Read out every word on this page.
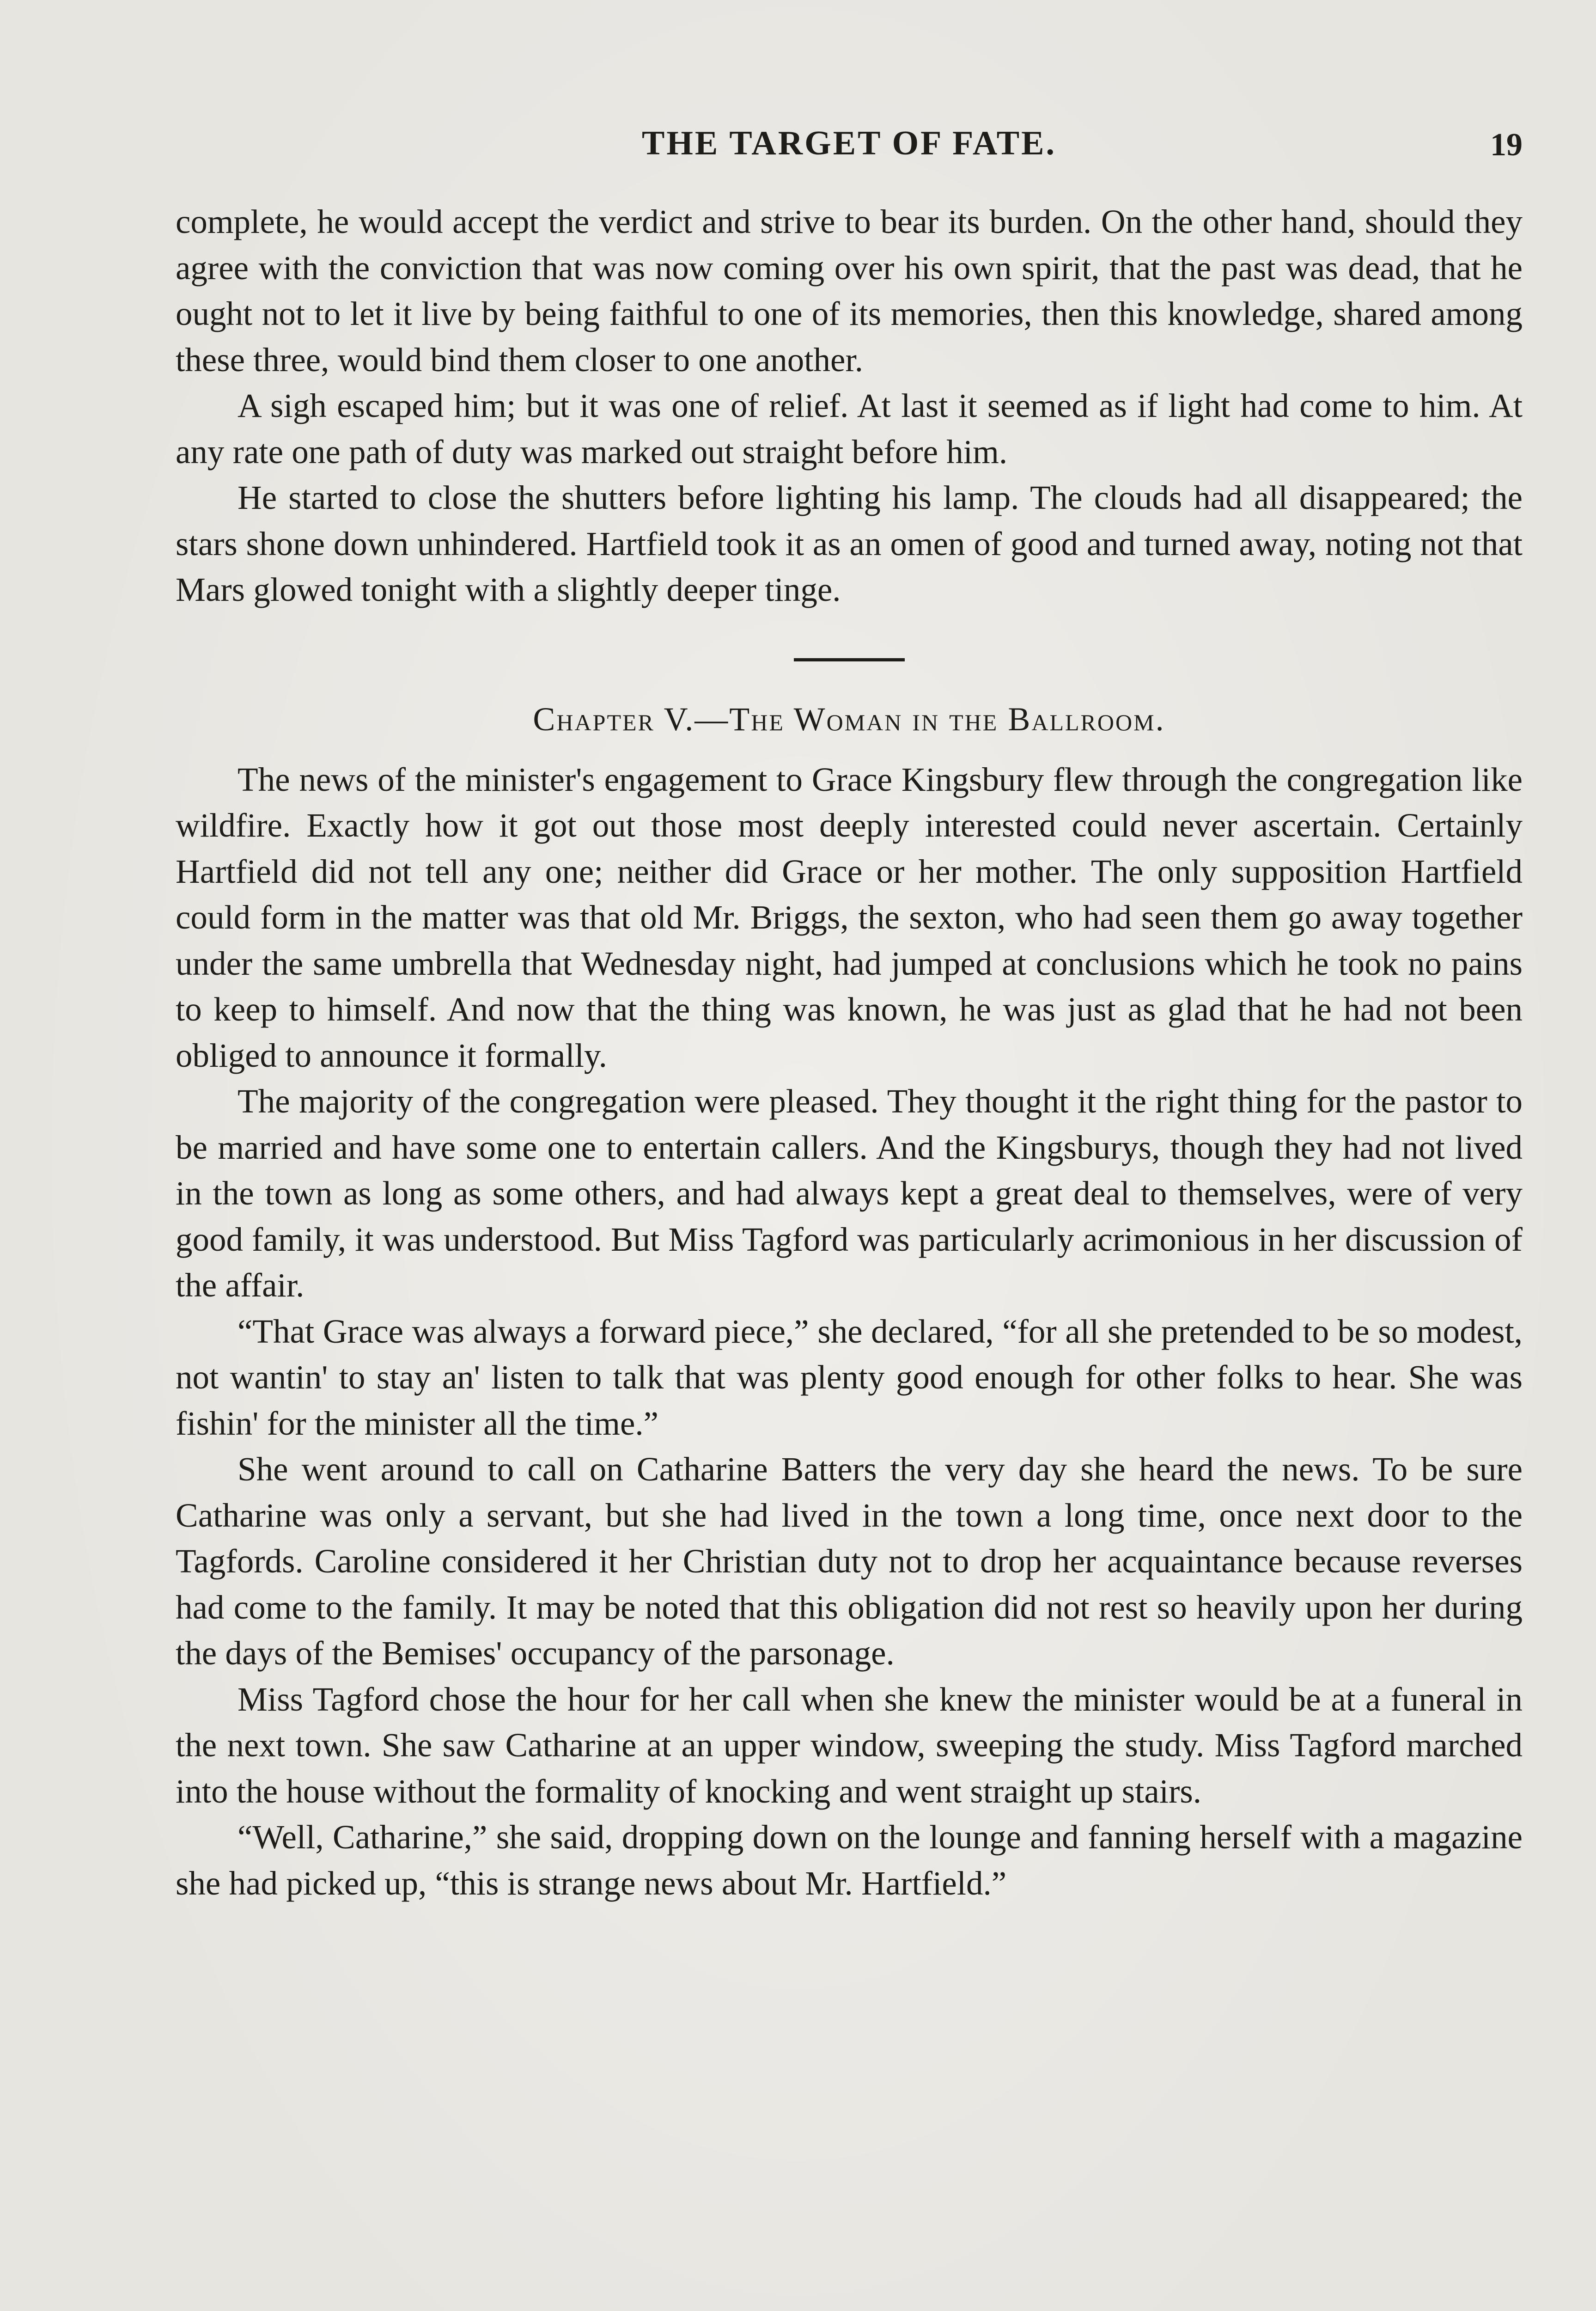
THE TARGET OF FATE.	19

complete, he would accept the verdict and strive to bear its burden. On the other hand, should they agree with the conviction that was now coming over his own spirit, that the past was dead, that he ought not to let it live by being faithful to one of its memories, then this knowledge, shared among these three, would bind them closer to one another.

A sigh escaped him; but it was one of relief. At last it seemed as if light had come to him. At any rate one path of duty was marked out straight before him.

He started to close the shutters before lighting his lamp. The clouds had all disappeared; the stars shone down unhindered. Hartfield took it as an omen of good and turned away, noting not that Mars glowed tonight with a slightly deeper tinge.

Chapter V.—The Woman in the Ballroom.

The news of the minister's engagement to Grace Kingsbury flew through the congregation like wildfire. Exactly how it got out those most deeply interested could never ascertain. Certainly Hartfield did not tell any one; neither did Grace or her mother. The only supposition Hartfield could form in the matter was that old Mr. Briggs, the sexton, who had seen them go away together under the same umbrella that Wednesday night, had jumped at conclusions which he took no pains to keep to himself. And now that the thing was known, he was just as glad that he had not been obliged to announce it formally.

The majority of the congregation were pleased. They thought it the right thing for the pastor to be married and have some one to entertain callers. And the Kingsburys, though they had not lived in the town as long as some others, and had always kept a great deal to themselves, were of very good family, it was understood. But Miss Tagford was particularly acrimonious in her discussion of the affair.

“That Grace was always a forward piece,” she declared, “for all she pretended to be so modest, not wantin' to stay an' listen to talk that was plenty good enough for other folks to hear. She was fishin' for the minister all the time.”

She went around to call on Catharine Batters the very day she heard the news. To be sure Catharine was only a servant, but she had lived in the town a long time, once next door to the Tagfords. Caroline considered it her Christian duty not to drop her acquaintance because reverses had come to the family. It may be noted that this obligation did not rest so heavily upon her during the days of the Bemises' occupancy of the parsonage.

Miss Tagford chose the hour for her call when she knew the minister would be at a funeral in the next town. She saw Catharine at an upper window, sweeping the study. Miss Tagford marched into the house without the formality of knocking and went straight up stairs.

“Well, Catharine,” she said, dropping down on the lounge and fanning herself with a magazine she had picked up, “this is strange news about Mr. Hartfield.”
